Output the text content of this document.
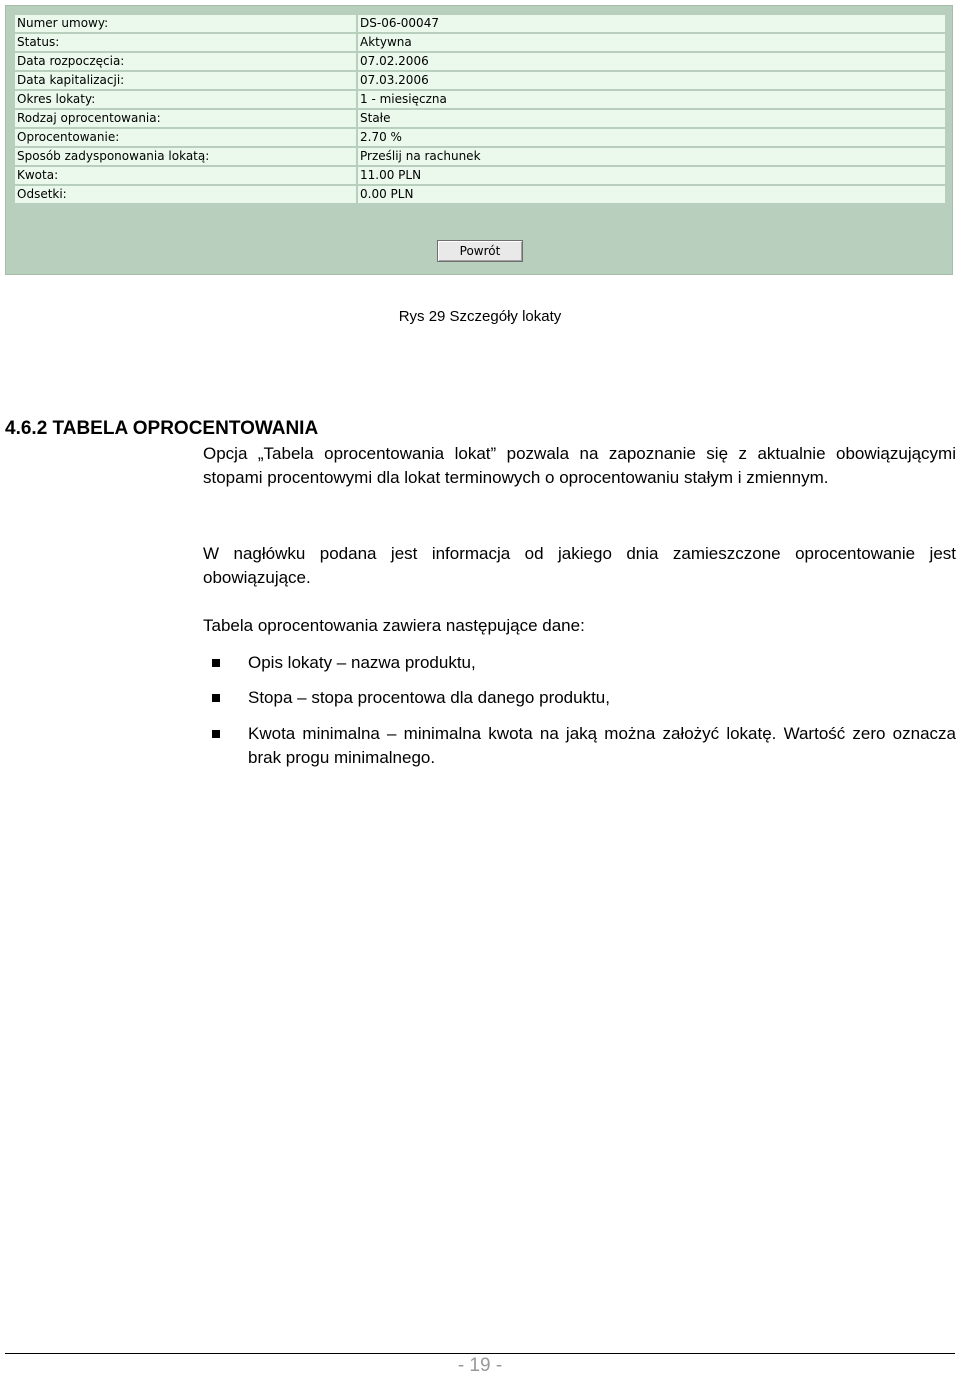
Numer umowy:	DS-06-00047
Status:	Aktywna
Data rozpoczęcia:	07.02.2006
Data kapitalizacji:	07.03.2006
Okres lokaty:	1 - miesięczna
Rodzaj oprocentowania:	Stałe
Oprocentowanie:	2.70 %
Sposób zadysponowania lokatą:	Prześlij na rachunek
Kwota:	11.00 PLN
Odsetki:	0.00 PLN
Powrót
Rys 29 Szczegóły lokaty
4.6.2 TABELA OPROCENTOWANIA

Opcja „Tabela oprocentowania lokat” pozwala na zapoznanie się z aktualnie obowiązującymi stopami procentowymi dla lokat terminowych o oprocentowaniu stałym i zmiennym.

W nagłówku podana jest informacja od jakiego dnia zamieszczone oprocentowanie jest obowiązujące.

Tabela oprocentowania zawiera następujące dane:

Opis lokaty – nazwa produktu,

Stopa – stopa procentowa dla danego produktu,

Kwota minimalna – minimalna kwota na jaką można założyć lokatę. Wartość zero oznacza brak progu minimalnego.

- 19 -
